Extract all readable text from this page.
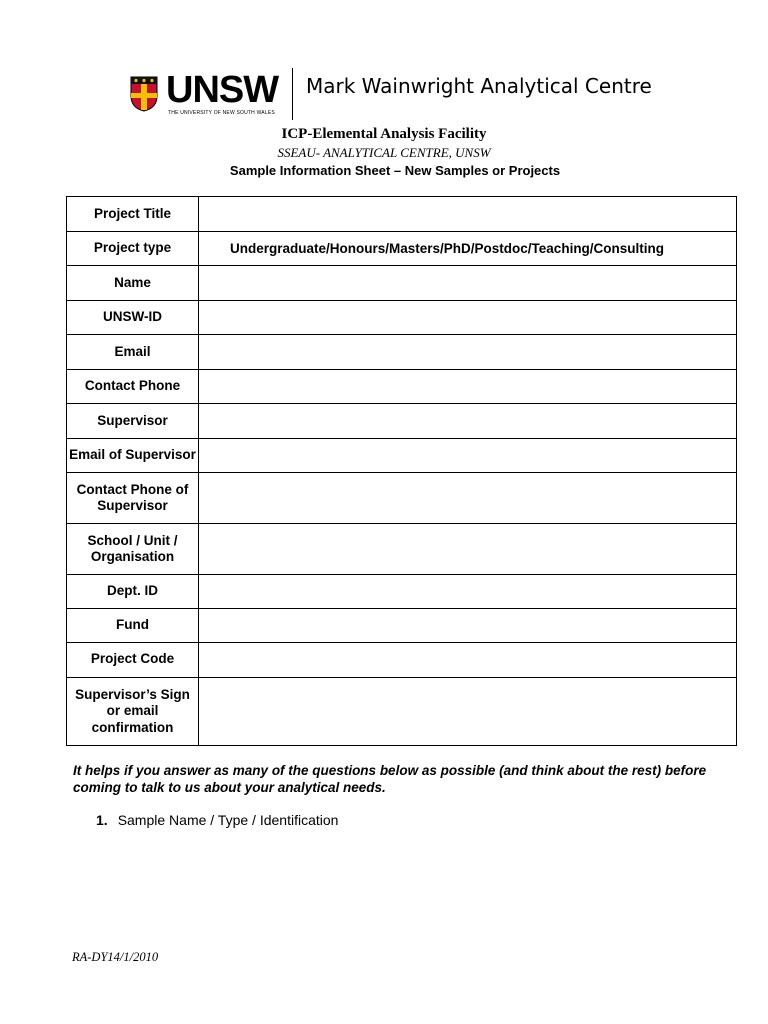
UNSW
THE UNIVERSITY OF NEW SOUTH WALES
Mark Wainwright Analytical Centre
ICP-Elemental Analysis Facility
SSEAU- ANALYTICAL CENTRE, UNSW
Sample Information Sheet – New Samples or Projects
Project Title	
Project type	Undergraduate/Honours/Masters/PhD/Postdoc/Teaching/Consulting
Name	
UNSW-ID	
Email	
Contact Phone	
Supervisor	
Email of Supervisor	
Contact Phone of Supervisor	
School / Unit / Organisation	
Dept. ID	
Fund	
Project Code	
Supervisor’s Sign or email confirmation	
It helps if you answer as many of the questions below as possible (and think about the rest) before coming to talk to us about your analytical needs.
1. Sample Name / Type / Identification
RA-DY14/1/2010
